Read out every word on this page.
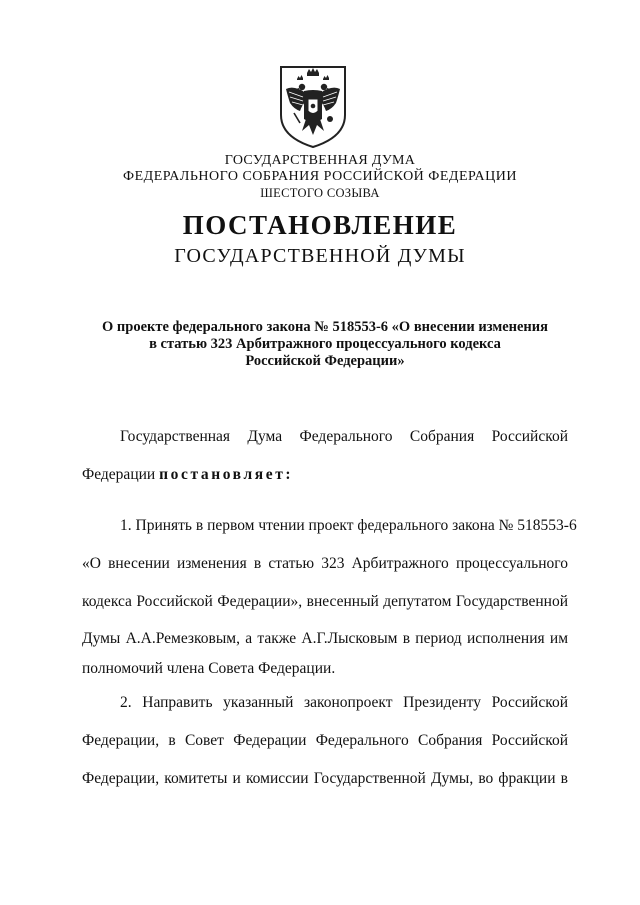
ГОСУДАРСТВЕННАЯ ДУМА
ФЕДЕРАЛЬНОГО СОБРАНИЯ РОССИЙСКОЙ ФЕДЕРАЦИИ
ШЕСТОГО СОЗЫВА
ПОСТАНОВЛЕНИЕ
ГОСУДАРСТВЕННОЙ ДУМЫ
О проекте федерального закона № 518553-6 «О внесении изменения
в статью 323 Арбитражного процессуального кодекса
Российской Федерации»
Государственная Дума Федерального Собрания Российской
Федерации постановляет:
1. Принять в первом чтении проект федерального закона № 518553-6
«О внесении изменения в статью 323 Арбитражного процессуального
кодекса Российской Федерации», внесенный депутатом Государственной
Думы А.А.Ремезковым, а также А.Г.Лысковым в период исполнения им
полномочий члена Совета Федерации.
2. Направить указанный законопроект Президенту Российской
Федерации, в Совет Федерации Федерального Собрания Российской
Федерации, комитеты и комиссии Государственной Думы, во фракции в
